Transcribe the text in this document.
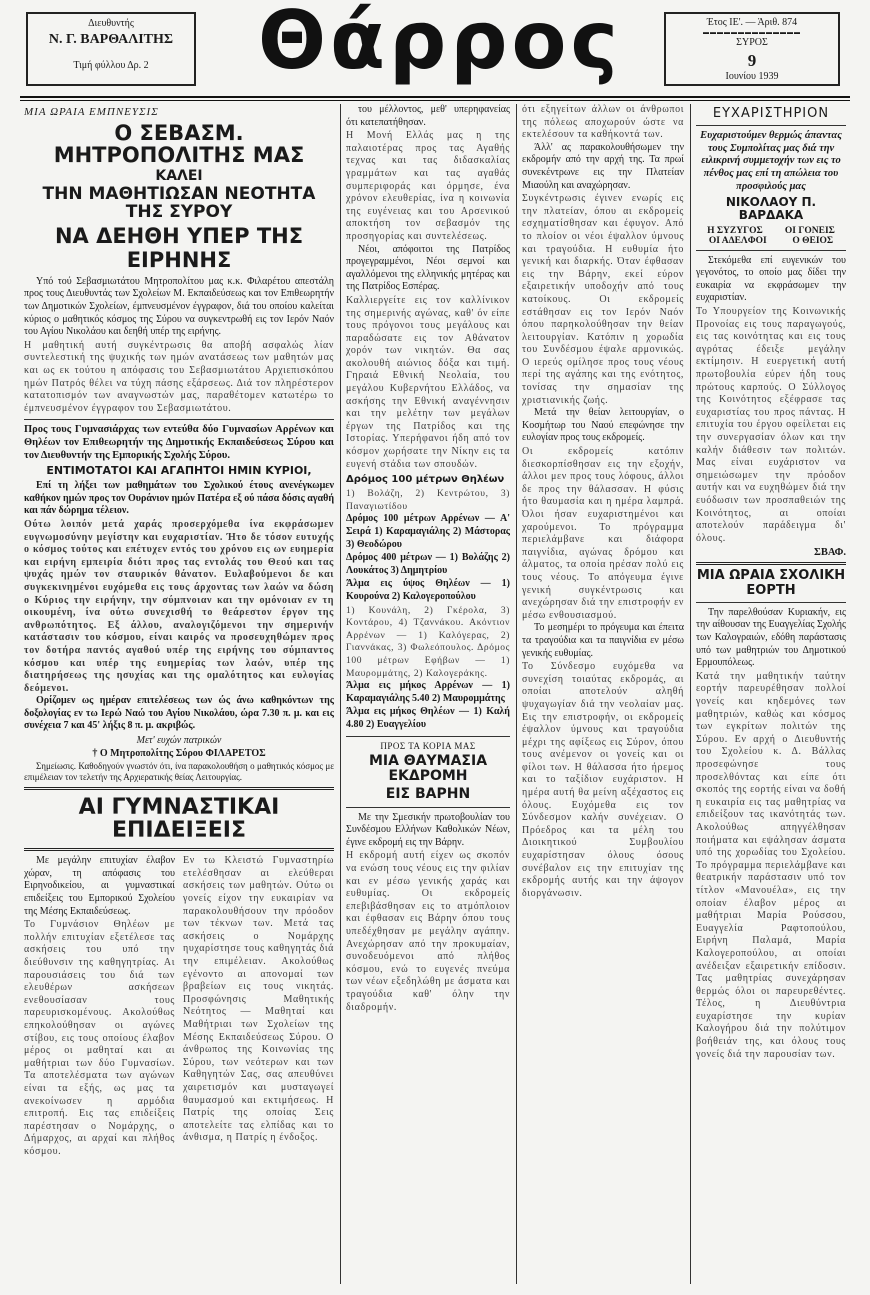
Διευθυντής
Ν. Γ. ΒΑΡΘΑΛΙΤΗΣ
Τιμή φύλλου Δρ. 2	Θάρρος	Έτος ΙΕ'. — Άριθ. 874
▬▬▬▬▬▬▬▬▬▬▬▬▬▬
ΣΥΡΟΣ
9
Ιουνίου 1939
ΜΙΑ ΩΡΑΙΑ ΕΜΠΝΕΥΣΙΣ
Ο ΣΕΒΑΣΜ. ΜΗΤΡΟΠΟΛΙΤΗΣ ΜΑΣ
ΚΑΛΕΙ
ΤΗΝ ΜΑΘΗΤΙΩΣΑΝ ΝΕΟΤΗΤΑ ΤΗΣ ΣΥΡΟΥ
ΝΑ ΔΕΗΘΗ ΥΠΕΡ ΤΗΣ ΕΙΡΗΝΗΣ

Υπό τού Σεβασμιωτάτου Μητροπολίτου μας κ.κ. Φιλαρέτου απεστάλη προς τους Διευθυντάς των Σχολείων Μ. Εκπαιδεύσεως και τον Επιθεωρητήν των Δημοτικών Σχολείων, έμπνευσμένον έγγραφον, διά του οποίου καλείται κύριος ο μαθητικός κόσμος της Σύρου να συγκεντρωθή εις τον Ιερόν Ναόν του Αγίου Νικολάου και δεηθή υπέρ της ειρήνης.

Η μαθητική αυτή συγκέντρωσις θα αποβή ασφαλώς λίαν συντελεστική της ψυχικής των ημών ανατάσεως των μαθητών μας και ως εκ τούτου η απόφασις του Σεβασμιωτάτου Αρχιεπισκόπου ημών Πατρός θέλει να τύχη πάσης εξάρσεως. Διά τον πληρέστερον κατατοπισμόν των αναγνωστών μας, παραθέτομεν κατωτέρω το έμπνευσμένον έγγραφον του Σεβασμιωτάτου.

Προς τους Γυμνασιάρχας των εντεύθα δύο Γυμνασίων Αρρένων και Θηλέων τον Επιθεωρητήν της Δημοτικής Εκπαιδεύσεως Σύρου και τον Διευθυντήν της Εμπορικής Σχολής Σύρου.

ΕΝΤΙΜΟΤΑΤΟΙ ΚΑΙ ΑΓΑΠΗΤΟΙ ΗΜΙΝ ΚΥΡΙΟΙ,

Επί τη λήξει των μαθημάτων του Σχολικού έτους ανενέγκωμεν καθήκον ημών προς τον Ουράνιον ημών Πατέρα εξ ού πάσα δόσις αγαθή και πάν δώρημα τέλειον.

Ούτω λοιπόν μετά χαράς προσερχόμεθα ίνα εκφράσωμεν ευγνωμοσύνην μεγίστην και ευχαριστίαν. Ήτο δε τόσον ευτυχής ο κόσμος τούτος και επέτυχεν εντός του χρόνου εις ων ευημερία και ειρήνη εμπειρία διότι προς τας εντολάς του Θεού και τας ψυχάς ημών τον σταυρικόν θάνατον. Ευλαβούμενοι δε και συγκεκινημένοι ευχόμεθα εις τους άρχοντας των λαών να δώση ο Κύριος την ειρήνην, την σύμπνοιαν και την ομόνοιαν εν τη οικουμένη, ίνα ούτω συνεχισθή το θεάρεστον έργον της ανθρωπότητος. Εξ άλλου, αναλογιζόμενοι την σημερινήν κατάστασιν του κόσμου, είναι καιρός να προσευχηθώμεν προς τον δοτήρα παντός αγαθού υπέρ της ειρήνης του σύμπαντος κόσμου και υπέρ της ευημερίας των λαών, υπέρ της διατηρήσεως της ησυχίας και της ομαλότητος και ευλογίας δεόμενοι.

Ορίζομεν ως ημέραν επιτελέσεως των ώς άνω καθηκόντων της δοξολογίας εν τω Ιερώ Ναώ του Αγίου Νικολάου, ώρα 7.30 π. μ. και εις συνέχεια 7 και 45' λήξις 8 π. μ. ακριβώς.

Μετ' ευχών πατρικών
† Ο Μητροπολίτης Σύρου ΦΙΛΑΡΕΤΟΣ

Σημείωσις. Καθοδηγούν γνωστόν ότι, ίνα παρακολουθήση ο μαθητικός κόσμος με επιμέλειαν τον τελετήν της Αρχιερατικής θείας Λειτουργίας.

ΑΙ ΓΥΜΝΑΣΤΙΚΑΙ ΕΠΙΔΕΙΞΕΙΣ

Με μεγάλην επιτυχίαν έλαβον χώραν, τη απόφασις του Ειρηνοδικείου, αι γυμναστικαί επιδείξεις του Εμπορικού Σχολείου της Μέσης Εκπαιδεύσεως.

Το Γυμνάσιον Θηλέων με πολλήν επιτυχίαν εξετέλεσε τας ασκήσεις του υπό την διεύθυνσιν της καθηγητρίας. Αι παρουσιάσεις του διά των ελευθέρων ασκήσεων ενεθουσίασαν τους παρευρισκομένους. Ακολούθως επηκολούθησαν οι αγώνες στίβου, εις τους οποίους έλαβον μέρος οι μαθηταί και αι μαθήτριαι των δύο Γυμνασίων. Τα αποτελέσματα των αγώνων είναι τα εξής, ως μας τα ανεκοίνωσεν η αρμόδια επιτροπή. Εις τας επιδείξεις παρέστησαν ο Νομάρχης, ο Δήμαρχος, αι αρχαί και πλήθος κόσμου.
Εν τω Κλειστώ Γυμναστηρίω ετελέσθησαν αι ελεύθεραι ασκήσεις των μαθητών. Ούτω οι γονείς είχον την ευκαιρίαν να παρακολουθήσουν την πρόοδον των τέκνων των. Μετά τας ασκήσεις ο Νομάρχης ηυχαρίστησε τους καθηγητάς διά την επιμέλειαν. Ακολούθως εγένοντο αι απονομαί των βραβείων εις τους νικητάς. Προσφώνησις Μαθητικής Νεότητος — Μαθηταί και Μαθήτριαι των Σχολείων της Μέσης Εκπαιδεύσεως Σύρου. Ο άνθρωπος της Κοινωνίας της Σύρου, των νεότερων και των Καθηγητών Σας, σας απευθύνει χαιρετισμόν και μυσταγωγεί θαυμασμού και εκτιμήσεως. Η Πατρίς της οποίας Σεις αποτελείτε τας ελπίδας και το άνθισμα, η Πατρίς η ένδοξος.

του μέλλοντος, μεθ' υπερηφανείας ότι κατεπατήθησαν.

Η Μονή Ελλάς μας η της παλαιοτέρας προς τας Αγαθής τεχνας και τας διδασκαλίας γραμμάτων και τας αγαθάς συμπεριφοράς και όρμησε, ένα χρόνον ελευθερίας, ίνα η κοινωνία της ευγένειας και του Αρσενικού αποκτήση τον σεβασμόν της προσηγορίας και συντελέσεως.

Νέοι, απόφοιτοι της Πατρίδος προγεγραμμένοι, Νέοι σεμνοί και αγαλλόμενοι της ελληνικής μητέρας και της Πατρίδος Εσπέρας.

Καλλιεργείτε εις τον καλλίνικον της σημερινής αγώνας, καθ' όν είπε τους πρόγονοι τους μεγάλους και παραδώσατε εις τον Αθάνατον χορόν των νικητών. Θα σας ακολουθή αιώνιος δόξα και τιμή. Γηραιά Εθνική Νεολαία, του μεγάλου Κυβερνήτου Ελλάδος, να ασκήσης την Εθνική αναγέννησιν και την μελέτην των μεγάλων έργων της Πατρίδος και της Ιστορίας. Υπερήφανοι ήδη από τον κόσμον χωρήσατε την Νίκην εις τα ευγενή στάδια των σπουδών.
Δρόμος 100 μέτρων Θηλέων
1) Βολάζη, 2) Κεντρώτου, 3) Παναγιωτίδου

Δρόμος 100 μέτρων Αρρένων — Α' Σειρά 1) Καραμαγιάλης 2) Μάστορας 3) Θεοδώρου

Δρόμος 400 μέτρων — 1) Βολάζης 2) Λουκάτος 3) Δημητρίου

Άλμα εις ύψος Θηλέων — 1) Κουρούνα 2) Καλογεροπούλου

1) Κουνάλη, 2) Γκέρολα, 3) Κοντάρου, 4) Τζαννάκου. Ακόντιον Αρρένων — 1) Καλόγερας, 2) Γιαννάκας, 3) Φωλεόπουλος. Δρόμος 100 μέτρων Εφήβων — 1) Μαυρομμάτης, 2) Καλογεράκης.

Άλμα εις μήκος Αρρένων — 1) Καραμαγιάλης 5.40 2) Μαυρομμάτης

Άλμα εις μήκος Θηλέων — 1) Καλή 4.80 2) Ευαγγελίου

ΠΡΟΣ ΤΑ ΚΟΡΙΑ ΜΑΣ
ΜΙΑ ΘΑΥΜΑΣΙΑ ΕΚΔΡΟΜΗ
ΕΙΣ ΒΑΡΗΝ

Με την Σμεσικήν πρωτοβουλίαν του Συνδέσμου Ελλήνων Καθολικών Νέων, έγινε εκδρομή εις την Βάρην.

Η εκδρομή αυτή είχεν ως σκοπόν να ενώση τους νέους εις την φιλίαν και εν μέσω γενικής χαράς και ευθυμίας. Οι εκδρομείς επεβιβάσθησαν εις το ατμόπλοιον και έφθασαν εις Βάρην όπου τους υπεδέχθησαν με μεγάλην αγάπην. Ανεχώρησαν από την προκυμαίαν, συνοδευόμενοι από πλήθος κόσμου, ενώ το ευγενές πνεύμα των νέων εξεδηλώθη με άσματα και τραγούδια καθ' όλην την διαδρομήν.
ότι εξηγείτων άλλων οι άνθρωποι της πόλεως αποχωρούν ώστε να εκτελέσουν τα καθήκοντά των.

Άλλ' ας παρακολουθήσωμεν την εκδρομήν από την αρχή της. Τα πρωί συνεκέντρωνε εις την Πλατείαν Μιαούλη και αναχώρησαν.

Συγκέντρωσις έγινεν ενωρίς εις την πλατείαν, όπου αι εκδρομείς εσχηματίσθησαν και έφυγον. Από το πλοίον οι νέοι έψαλλον ύμνους και τραγούδια. Η ευθυμία ήτο γενική και διαρκής. Όταν έφθασαν εις την Βάρην, εκεί εύρον εξαιρετικήν υποδοχήν από τους κατοίκους. Οι εκδρομείς εστάθησαν εις τον Ιερόν Ναόν όπου παρηκολούθησαν την θείαν λειτουργίαν. Κατόπιν η χορωδία του Συνδέσμου έψαλε αρμονικώς. Ο ιερεύς ομίλησε προς τους νέους περί της αγάπης και της ενότητος, τονίσας την σημασίαν της χριστιανικής ζωής.

Μετά την θείαν λειτουργίαν, ο Κοσμήτωρ του Ναού επεφώνησε την ευλογίαν προς τους εκδρομείς.

Οι εκδρομείς κατόπιν διεσκορπίσθησαν εις την εξοχήν, άλλοι μεν προς τους λόφους, άλλοι δε προς την θάλασσαν. Η φύσις ήτο θαυμασία και η ημέρα λαμπρά. Όλοι ήσαν ευχαριστημένοι και χαρούμενοι. Το πρόγραμμα περιελάμβανε και διάφορα παιγνίδια, αγώνας δρόμου και άλματος, τα οποία ηρέσαν πολύ εις τους νέους. Το απόγευμα έγινε γενική συγκέντρωσις και ανεχώρησαν διά την επιστροφήν εν μέσω ενθουσιασμού.

Το μεσημέρι το πρόγευμα και έπειτα τα τραγούδια και τα παιγνίδια εν μέσω γενικής ευθυμίας.

Το Σύνδεσμο ευχόμεθα να συνεχίση τοιαύτας εκδρομάς, αι οποίαι αποτελούν αληθή ψυχαγωγίαν διά την νεολαίαν μας. Εις την επιστροφήν, οι εκδρομείς έψαλλον ύμνους και τραγούδια μέχρι της αφίξεως εις Σύρον, όπου τους ανέμενον οι γονείς και οι φίλοι των. Η θάλασσα ήτο ήρεμος και το ταξίδιον ευχάριστον. Η ημέρα αυτή θα μείνη αξέχαστος εις όλους. Ευχόμεθα εις τον Σύνδεσμον καλήν συνέχειαν. Ο Πρόεδρος και τα μέλη του Διοικητικού Συμβουλίου ευχαρίστησαν όλους όσους συνέβαλον εις την επιτυχίαν της εκδρομής αυτής και την άψογον διοργάνωσιν.
ΕΥΧΑΡΙΣΤΗΡΙΟΝ

Ευχαριστούμεν θερμώς άπαντας τους Συμπολίτας μας διά την ειλικρινή συμμετοχήν των εις το πένθος μας επί τη απώλεια του προσφιλούς μας

ΝΙΚΟΛΑΟΥ Π. ΒΑΡΔΑΚΑ
Η ΣΥΖΥΓΟΣ ΟΙ ΓΟΝΕΙΣ
ΟΙ ΑΔΕΛΦΟΙ	Ο ΘΕΙΟΣ

Στεκόμεθα επί ευγενικών του γεγονότος, το οποίο μας δίδει την ευκαιρία να εκφράσωμεν την ευχαριστίαν.

Το Υπουργείον της Κοινωνικής Προνοίας εις τους παραγωγούς, εις τας κοινότητας και εις τους αγρότας έδειξε μεγάλην εκτίμησιν. Η ευεργετική αυτή πρωτοβουλία εύρεν ήδη τους πρώτους καρπούς. Ο Σύλλογος της Κοινότητος εξέφρασε τας ευχαριστίας του προς πάντας. Η επιτυχία του έργου οφείλεται εις την συνεργασίαν όλων και την καλήν διάθεσιν των πολιτών. Μας είναι ευχάριστον να σημειώσωμεν την πρόοδον αυτήν και να ευχηθώμεν διά την ευόδωσιν των προσπαθειών της Κοινότητος, αι οποίαι αποτελούν παράδειγμα δι' όλους.
ΣΒΑΦ.
ΜΙΑ ΩΡΑΙΑ ΣΧΟΛΙΚΗ ΕΟΡΤΗ

Την παρελθούσαν Κυριακήν, εις την αίθουσαν της Ευαγγελίας Σχολής των Καλογραιών, εδόθη παράστασις υπό των μαθητριών του Δημοτικού Ερμουπόλεως.

Κατά την μαθητικήν ταύτην εορτήν παρευρέθησαν πολλοί γονείς και κηδεμόνες των μαθητριών, καθώς και κόσμος των εγκρίτων πολιτών της Σύρου. Εν αρχή ο Διευθυντής του Σχολείου κ. Δ. Βάλλας προσεφώνησε τους προσελθόντας και είπε ότι σκοπός της εορτής είναι να δοθή η ευκαιρία εις τας μαθητρίας να επιδείξουν τας ικανότητάς των. Ακολούθως απηγγέλθησαν ποιήματα και εψάλησαν άσματα υπό της χορωδίας του Σχολείου. Το πρόγραμμα περιελάμβανε και θεατρικήν παράστασιν υπό τον τίτλον «Μανουέλα», εις την οποίαν έλαβον μέρος αι μαθήτριαι Μαρία Ρούσσου, Ευαγγελία Ραφτοπούλου, Ειρήνη Παλαμά, Μαρία Καλογεροπούλου, αι οποίαι ανέδειξαν εξαιρετικήν επίδοσιν. Τας μαθητρίας συνεχάρησαν θερμώς όλοι οι παρευρεθέντες. Τέλος, η Διευθύντρια ευχαρίστησε την κυρίαν Καλογήρου διά την πολύτιμον βοήθειάν της, και όλους τους γονείς διά την παρουσίαν των.
